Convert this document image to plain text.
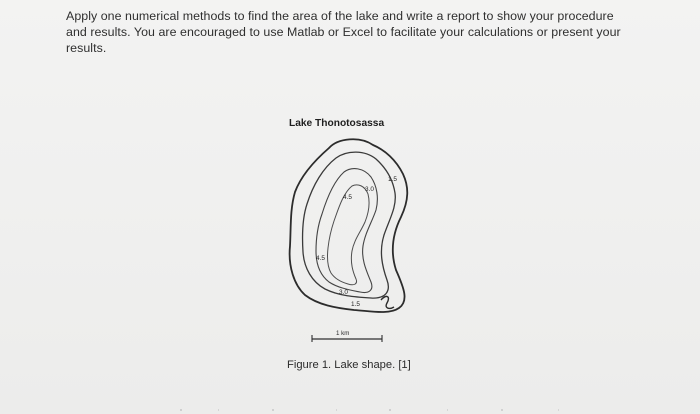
Apply one numerical methods to find the area of the lake and write a report to show your procedure and results. You are encouraged to use Matlab or Excel to facilitate your calculations or present your results.
Lake Thonotosassa
4.5
3.0
1.5
4.5
3.0
1.5
1 km
Figure 1. Lake shape. [1]
